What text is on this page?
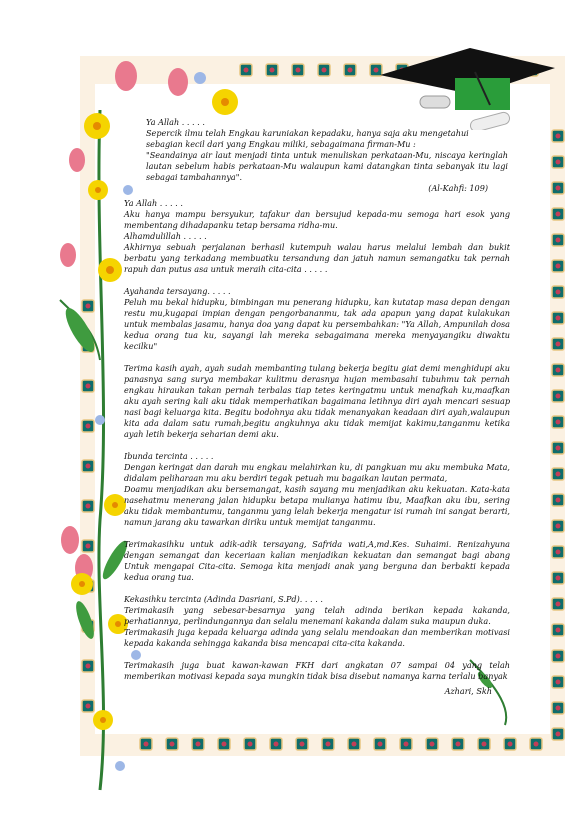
Ya Allah . . . . .

Sepercik ilmu telah Engkau karuniakan kepadaku, hanya saja aku mengetahui

sebagian kecil dari yang Engkau miliki, sebagaimana firman-Mu :

"Seandainya air laut menjadi tinta untuk menuliskan perkataan-Mu, niscaya keringlah lautan sebelum habis perkataan-Mu walaupun kami datangkan tinta sebanyak itu lagi sebagai tambahannya".

(Al-Kahfi: 109)

Ya Allah . . . . .

Aku hanya mampu bersyukur, tafakur dan bersujud kepada-mu semoga hari esok yang membentang dihadapanku tetap bersama ridha-mu.

Alhamdulillah . . . . .

Akhirnya sebuah perjalanan berhasil kutempuh walau harus melalui lembah dan bukit berbatu yang terkadang membuatku tersandung dan jatuh namun semangatku tak pernah rapuh dan putus asa untuk meraih cita-cita . . . . .

Ayahanda tersayang. . . . .

Peluh mu bekal hidupku, bimbingan mu penerang hidupku, kan kutatap masa depan dengan restu mu,kugapai impian dengan pengorbananmu, tak ada apapun yang dapat kulakukan untuk membalas jasamu, hanya doa yang dapat ku persembahkan: "Ya Allah, Ampunilah dosa kedua orang tua ku, sayangi lah mereka sebagaimana mereka menyayangiku diwaktu kecilku"

Terima kasih ayah, ayah sudah membanting tulang bekerja begitu giat demi menghidupi aku panasnya sang surya membakar kulitmu derasnya hujan membasahi tubuhmu tak pernah engkau hiraukan takan pernah terbalas tiap tetes keringatmu untuk menafkah ku,maafkan aku ayah sering kali aku tidak memperhatikan bagaimana letihnya diri ayah mencari sesuap nasi bagi keluarga kita. Begitu bodohnya aku tidak menanyakan keadaan diri ayah,walaupun kita ada dalam satu rumah,begitu angkuhnya aku tidak memijat kakimu,tanganmu ketika ayah letih bekerja seharian demi aku.

Ibunda tercinta . . . . .

Dengan keringat dan darah mu engkau melahirkan ku, di pangkuan mu aku membuka Mata, didalam peliharaan mu aku berdiri tegak petuah mu bagaikan lautan permata,

Doamu menjadikan aku bersemangat, kasih sayang mu menjadikan aku kekuatan. Kata-kata nasehatmu menerang jalan hidupku betapa mulianya hatimu ibu, Maafkan aku ibu, sering aku tidak membantumu, tanganmu yang lelah bekerja mengatur isi rumah ini sangat berarti, namun jarang aku tawarkan diriku untuk memijat tanganmu.

Terimakasihku untuk adik-adik tersayang, Safrida wati,A,md.Kes. Suhaimi. Renizahyuna dengan semangat dan keceriaan kalian menjadikan kekuatan dan semangat bagi abang Untuk mengapai Cita-cita. Semoga kita menjadi anak yang berguna dan berbakti kepada kedua orang tua.

Kekasihku tercinta (Adinda Dasriani, S.Pd). . . . .

Terimakasih yang sebesar-besarnya yang telah adinda berikan kepada kakanda, perhatiannya, perlindungannya dan selalu menemani kakanda dalam suka maupun duka.

Terimakasih juga kepada keluarga adinda yang selalu mendoakan dan memberikan motivasi kepada kakanda sehingga kakanda bisa mencapai cita-cita kakanda.

Terimakasih juga buat kawan-kawan FKH dari angkatan 07 sampai 04 yang telah memberikan motivasi kepada saya mungkin tidak bisa disebut namanya karna terlalu banyak

Azhari, Skh
